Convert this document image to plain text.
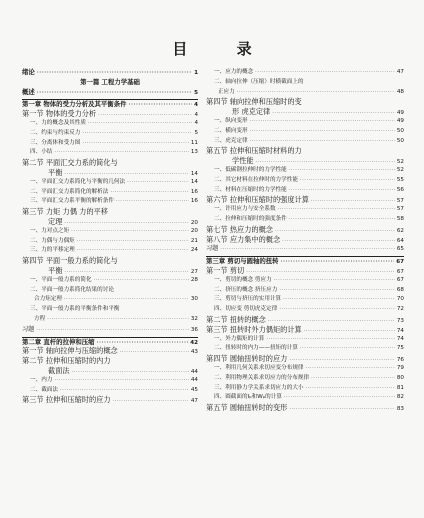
目 录
绪论 ·····	1
第一篇 工程力学基础
概述 ·····	5
第一章 物体的受力分析及其平衡条件 ·····	4
第一节 物体的受力分析 ·····	4
一、力的概念及其性质 ·····	4
二、约束与约束反力 ·····	5
三、分离体和受力图 ·····	11
四、小结 ·····	13
第二节 平面汇交力系的简化与
平衡 ·····	14
一、平面汇交力系简化与平衡的几何法 ·····	14
二、平面汇交力系简化的解析法 ·····	16
三、平面汇交力系平衡的解析条件 ·····	16
第三节 力矩 力偶 力的平移
定理 ·····	20
一、力对点之矩 ·····	20
二、力偶与力偶矩 ·····	21
三、力的平移定理 ·····	24
第四节 平面一般力系的简化与
平衡 ·····	27
一、平面一般力系的简化 ·····	28
二、平面一般力系简化结果的讨论
合力矩定理 ·····	30
三、平面一般力系的平衡条件和平衡
方程 ·····	32
习题 ·····	36
第二章 直杆的拉伸和压缩 ·····	42
第一节 轴向拉伸与压缩的概念 ·····	43
第二节 拉伸和压缩时的内力
截面法 ·····	44
一、内力 ·····	44
二、截面法 ·····	45
第三节 拉伸和压缩时的应力 ·····	47
一、应力的概念 ·····	47
二、轴向拉伸（压缩）时横截面上的
正应力 ·····	48
第四节 轴向拉伸和压缩时的变
形 虎克定律 ·····	49
一、纵向变形 ·····	49
二、横向变形 ·····	50
三、虎克定律 ·····	50
第五节 拉伸和压缩时材料的力
学性能 ·····	52
一、低碳钢拉伸时的力学性能 ·····	52
二、其它材料在拉伸时的力学性能 ·····	55
三、材料在压缩时的力学性能 ·····	56
第六节 拉伸和压缩时的强度计算 ·····	57
一、许用应力与安全系数 ·····	57
二、拉伸和压缩时的强度条件 ·····	58
第七节 热应力的概念 ·····	62
第八节 应力集中的概念 ·····	64
习题 ·····	65
第三章 剪切与圆轴的扭转 ·····	67
第一节 剪切 ·····	67
一、剪切的概念 剪应力 ·····	67
二、挤压的概念 挤压应力 ·····	68
三、剪切与挤压的实用计算 ·····	70
四、切应变 剪切虎克定律 ·····	72
第二节 扭转的概念 ·····	73
第三节 扭转时外力偶矩的计算 ·····	74
一、外力偶矩的计算 ·····	74
二、扭转时的内力——扭矩的计算 ·····	75
第四节 圆轴扭转时的应力 ·····	76
一、利用几何关系求切应变分布规律 ·····	79
二、利用物理关系求切应力的分布规律 ·····	80
三、利用静力学关系求切应力的大小 ·····	81
四、圆截面的Iₚ和Wₚ的计算 ·····	82
第五节 圆轴扭转时的变形 ·····	83
